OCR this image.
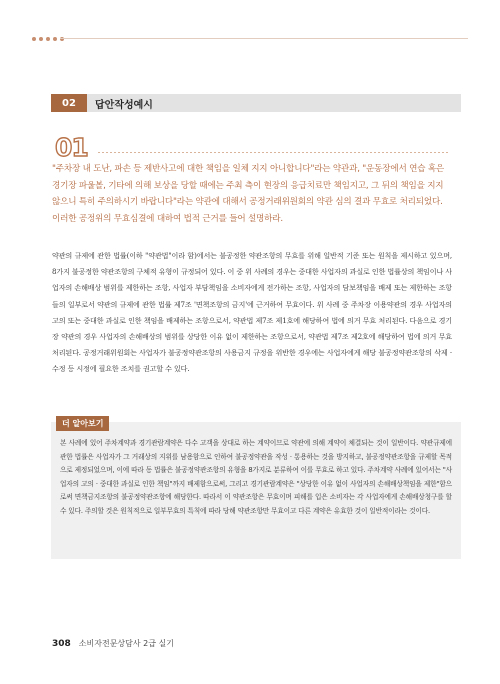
02	답안작성예시
01
"주차장 내 도난, 파손 등 제반사고에 대한 책임을 일체 지지 아니합니다"라는 약관과, "운동장에서 연습 혹은 경기장 파울볼, 기타에 의해 보상을 당할 때에는 주최 측이 현장의 응급치료만 책임지고, 그 뒤의 책임을 지지 않으니 특히 주의하시기 바랍니다"라는 약관에 대해서 공정거래위원회의 약관 심의 결과 무효로 처리되었다. 이러한 공정위의 무효심결에 대하여 법적 근거를 들어 설명하라.
약관의 규제에 관한 법률(이하 "약관법"이라 함)에서는 불공정한 약관조항의 무효를 위해 일반적 기준 또는 원칙을 제시하고 있으며, 8가지 불공정한 약관조항의 구체적 유형이 규정되어 있다. 이 중 위 사례의 경우는 중대한 사업자의 과실로 인한 법률상의 책임이나 사업자의 손해배상 범위를 제한하는 조항, 사업자 부담책임을 소비자에게 전가하는 조항, 사업자의 담보책임을 배제 또는 제한하는 조항들의 일부로서 약관의 규제에 관한 법률 제7조 '면책조항의 금지'에 근거하여 무효이다. 위 사례 중 주차장 이용약관의 경우 사업자의 고의 또는 중대한 과실로 인한 책임을 배제하는 조항으로서, 약관법 제7조 제1호에 해당하여 법에 의거 무효 처리된다. 다음으로 경기장 약관의 경우 사업자의 손해배상의 범위를 상당한 이유 없이 제한하는 조항으로서, 약관법 제7조 제2호에 해당하여 법에 의거 무효 처리된다. 공정거래위원회는 사업자가 불공정약관조항의 사용금지 규정을 위반한 경우에는 사업자에게 해당 불공정약관조항의 삭제 · 수정 등 시정에 필요한 조치를 권고할 수 있다.
더 알아보기
본 사례에 있어 주차계약과 경기관람계약은 다수 고객을 상대로 하는 계약이므로 약관에 의해 계약이 체결되는 것이 일반이다. 약관규제에 관한 법률은 사업자가 그 거래상의 지위를 남용함으로 인하여 불공정약관을 작성 · 통용하는 것을 방지하고, 불공정약관조항을 규제할 목적으로 제정되었으며, 이에 따라 동 법률은 불공정약관조항의 유형을 8가지로 분류하여 이를 무효로 하고 있다. 주차계약 사례에 있어서는 "사업자의 고의 · 중대한 과실로 인한 책임"까지 배제함으로써, 그리고 경기관람계약은 "상당한 이유 없이 사업자의 손해배상책임을 제한"함으로써 면책금지조항의 불공정약관조항에 해당한다. 따라서 이 약관조항은 무효이며 피해를 입은 소비자는 각 사업자에게 손해배상청구를 할 수 있다. 주의할 것은 원칙적으로 일부무효의 특칙에 따라 당해 약관조항만 무효이고 다른 계약은 유효한 것이 일반적이라는 것이다.
308 소비자전문상담사 2급 실기
